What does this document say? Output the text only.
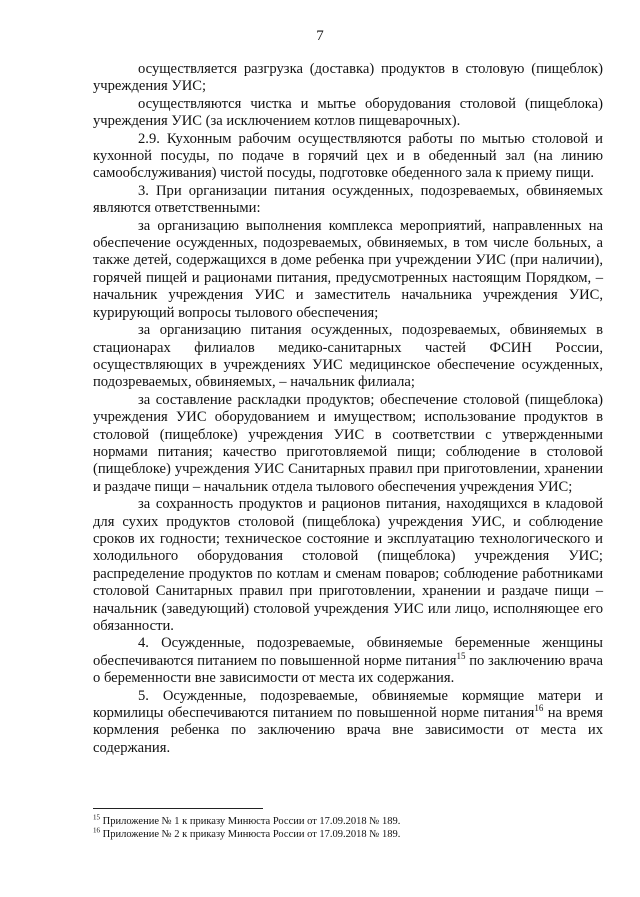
7

осуществляется разгрузка (доставка) продуктов в столовую (пищеблок) учреждения УИС;

осуществляются чистка и мытье оборудования столовой (пищеблока) учреждения УИС (за исключением котлов пищеварочных).

2.9. Кухонным рабочим осуществляются работы по мытью столовой и кухонной посуды, по подаче в горячий цех и в обеденный зал (на линию самообслуживания) чистой посуды, подготовке обеденного зала к приему пищи.

3. При организации питания осужденных, подозреваемых, обвиняемых являются ответственными:

за организацию выполнения комплекса мероприятий, направленных на обеспечение осужденных, подозреваемых, обвиняемых, в том числе больных, а также детей, содержащихся в доме ребенка при учреждении УИС (при наличии), горячей пищей и рационами питания, предусмотренных настоящим Порядком, – начальник учреждения УИС и заместитель начальника учреждения УИС, курирующий вопросы тылового обеспечения;

за организацию питания осужденных, подозреваемых, обвиняемых в стационарах филиалов медико-санитарных частей ФСИН России, осуществляющих в учреждениях УИС медицинское обеспечение осужденных, подозреваемых, обвиняемых, – начальник филиала;

за составление раскладки продуктов; обеспечение столовой (пищеблока) учреждения УИС оборудованием и имуществом; использование продуктов в столовой (пищеблоке) учреждения УИС в соответствии с утвержденными нормами питания; качество приготовляемой пищи; соблюдение в столовой (пищеблоке) учреждения УИС Санитарных правил при приготовлении, хранении и раздаче пищи – начальник отдела тылового обеспечения учреждения УИС;

за сохранность продуктов и рационов питания, находящихся в кладовой для сухих продуктов столовой (пищеблока) учреждения УИС, и соблюдение сроков их годности; техническое состояние и эксплуатацию технологического и холодильного оборудования столовой (пищеблока) учреждения УИС; распределение продуктов по котлам и сменам поваров; соблюдение работниками столовой Санитарных правил при приготовлении, хранении и раздаче пищи – начальник (заведующий) столовой учреждения УИС или лицо, исполняющее его обязанности.

4. Осужденные, подозреваемые, обвиняемые беременные женщины обеспечиваются питанием по повышенной норме питания$^{15}$ по заключению врача о беременности вне зависимости от места их содержания.

5. Осужденные, подозреваемые, обвиняемые кормящие матери и кормилицы обеспечиваются питанием по повышенной норме питания$^{16}$ на время кормления ребенка по заключению врача вне зависимости от места их содержания.

$^{15}$ Приложение № 1 к приказу Минюста России от 17.09.2018 № 189.
$^{16}$ Приложение № 2 к приказу Минюста России от 17.09.2018 № 189.
